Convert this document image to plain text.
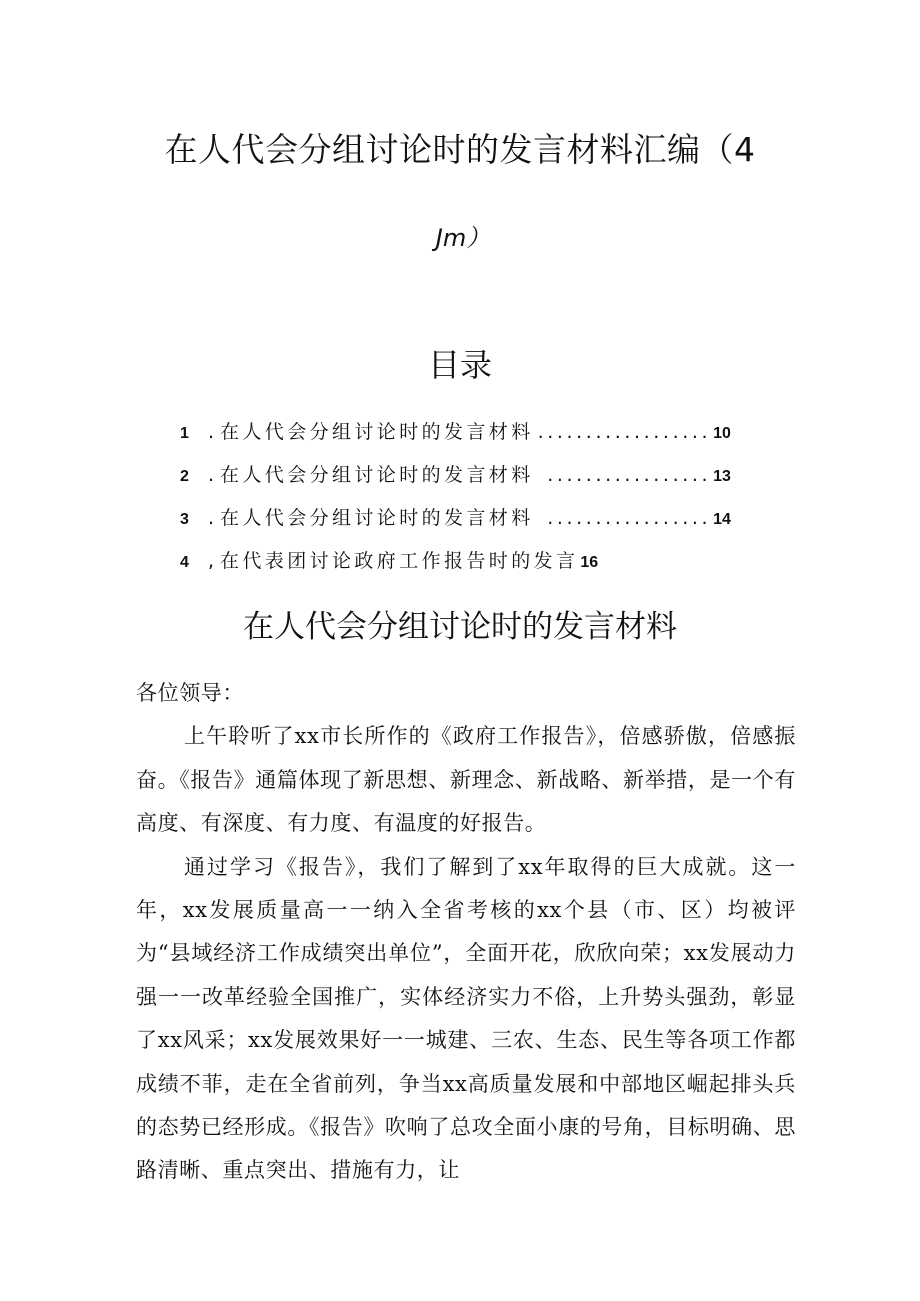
在人代会分组讨论时的发言材料汇编（4
Jm）
目录
1	. 在人代会分组讨论时的发言材料 .................. 10
2	. 在人代会分组讨论时的发言材料 ................. 13
3	. 在人代会分组讨论时的发言材料 ................. 14
4	, 在代表团讨论政府工作报告时的发言 16
在人代会分组讨论时的发言材料

各位领导：

上午聆听了xx市长所作的《政府工作报告》，倍感骄傲，倍感振奋。《报告》通篇体现了新思想、新理念、新战略、新举措，是一个有高度、有深度、有力度、有温度的好报告。

通过学习《报告》，我们了解到了xx年取得的巨大成就。这一年，xx发展质量高一一纳入全省考核的xx个县（市、区）均被评为“县域经济工作成绩突出单位”，全面开花，欣欣向荣；xx发展动力强一一改革经验全国推广，实体经济实力不俗，上升势头强劲，彰显了xx风采；xx发展效果好一一城建、三农、生态、民生等各项工作都成绩不菲，走在全省前列，争当xx高质量发展和中部地区崛起排头兵的态势已经形成。《报告》吹响了总攻全面小康的号角，目标明确、思路清晰、重点突出、措施有力，让
